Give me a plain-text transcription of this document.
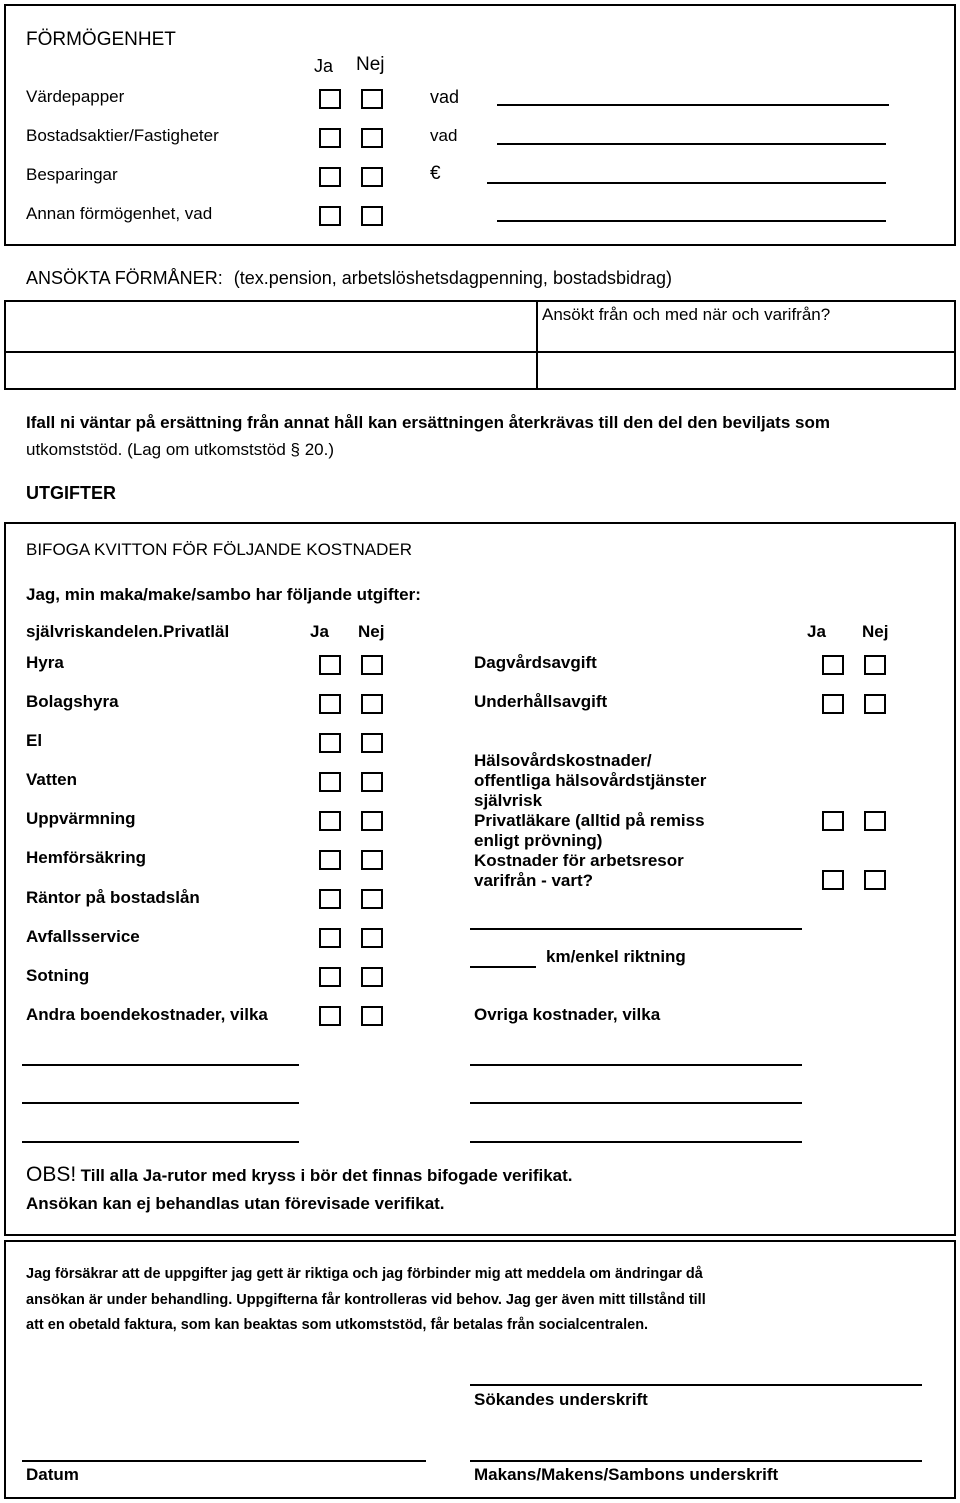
FÖRMÖGENHET
Ja Nej
Värdepapper	vad
Bostadsaktier/Fastigheter	vad
Besparingar	€
Annan förmögenhet, vad
ANSÖKTA FÖRMÅNER: (tex.pension, arbetslöshetsdagpenning, bostadsbidrag)
Ansökt från och med när och varifrån?
Ifall ni väntar på ersättning från annat håll kan ersättningen återkrävas till den del den beviljats som
utkomststöd. (Lag om utkomststöd § 20.)
UTGIFTER
BIFOGA KVITTON FÖR FÖLJANDE KOSTNADER
Jag, min maka/make/sambo har följande utgifter:
självriskandelen.Privatläl	Ja Nej	Ja Nej
Hyra
Bolagshyra
El
Vatten
Uppvärmning
Hemförsäkring
Räntor på bostadslån
Avfallsservice
Sotning
Andra boendekostnader, vilka
Dagvårdsavgift
Underhållsavgift
Hälsovårdskostnader/
offentliga hälsovårdstjänster
självrisk
Privatläkare (alltid på remiss
enligt prövning)
Kostnader för arbetsresor
varifrån - vart?
km/enkel riktning
Ovriga kostnader, vilka
OBS! Till alla Ja-rutor med kryss i bör det finnas bifogade verifikat.
Ansökan kan ej behandlas utan förevisade verifikat.
Jag försäkrar att de uppgifter jag gett är riktiga och jag förbinder mig att meddela om ändringar då
ansökan är under behandling. Uppgifterna får kontrolleras vid behov. Jag ger även mitt tillstånd till
att en obetald faktura, som kan beaktas som utkomststöd, får betalas från socialcentralen.
Sökandes underskrift
Datum	Makans/Makens/Sambons underskrift
